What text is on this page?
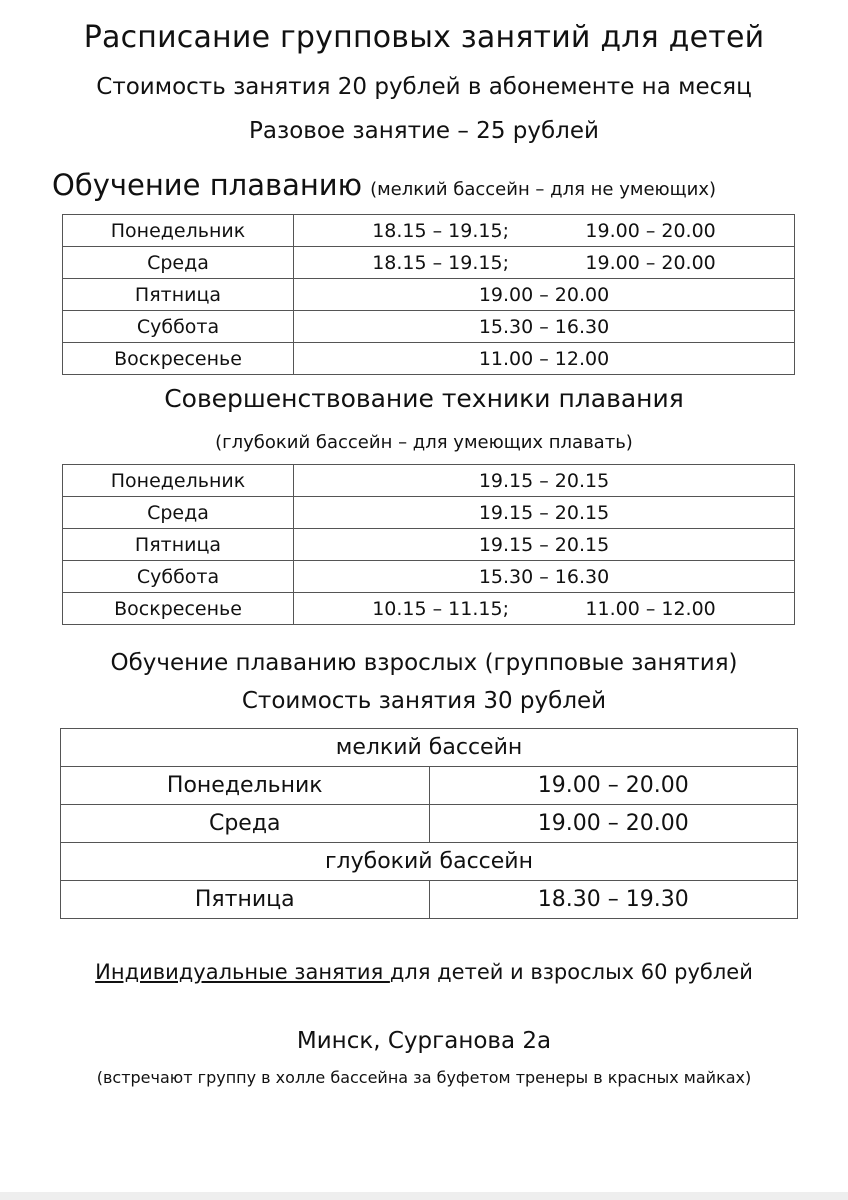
Расписание групповых занятий для детей
Стоимость занятия 20 рублей в абонементе на месяц
Разовое занятие – 25 рублей
Обучение плаванию (мелкий бассейн – для не умеющих)
Понедельник	18.15 – 19.15; 19.00 – 20.00

Среда	18.15 – 19.15; 19.00 – 20.00

Пятница	19.00 – 20.00
Суббота	15.30 – 16.30
Воскресенье	11.00 – 12.00
Совершенствование техники плавания
(глубокий бассейн – для умеющих плавать)
Понедельник	19.15 – 20.15
Среда	19.15 – 20.15
Пятница	19.15 – 20.15
Суббота	15.30 – 16.30
Воскресенье	10.15 – 11.15; 11.00 – 12.00
Обучение плаванию взрослых (групповые занятия)
Стоимость занятия 30 рублей
мелкий бассейн	
Понедельник	19.00 – 20.00
Среда	19.00 – 20.00
глубокий бассейн	
Пятница	18.30 – 19.30
Индивидуальные занятия для детей и взрослых 60 рублей
Минск, Сурганова 2а
(встречают группу в холле бассейна за буфетом тренеры в красных майках)
